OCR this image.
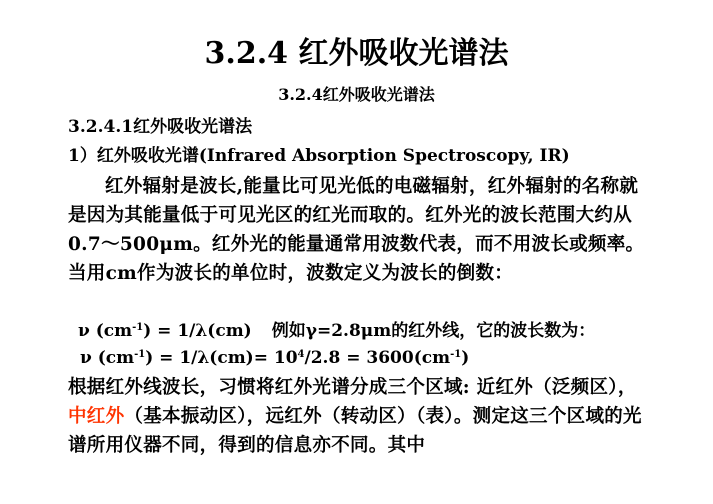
3.2.4 红外吸收光谱法
3.2.4红外吸收光谱法
3.2.4.1红外吸收光谱法
1）红外吸收光谱(Infrared Absorption Spectroscopy, IR)
红外辐射是波长,能量比可见光低的电磁辐射，红外辐射的名称就是因为其能量低于可见光区的红光而取的。红外光的波长范围大约从0.7～500μm。红外光的能量通常用波数代表，而不用波长或频率。当用cm作为波长的单位时，波数定义为波长的倒数：
ν $(cm^{-1}) = 1/\lambda(cm)$ 例如γ=2.8μm的红外线，它的波长数为：
ν $(cm^{-1}) = 1/\lambda(cm)= 10^4/2.8 = 3600(cm^{-1})$
根据红外线波长，习惯将红外光谱分成三个区域: 近红外（泛频区），中红外（基本振动区），远红外（转动区）（表）。测定这三个区域的光谱所用仪器不同，得到的信息亦不同。其中
